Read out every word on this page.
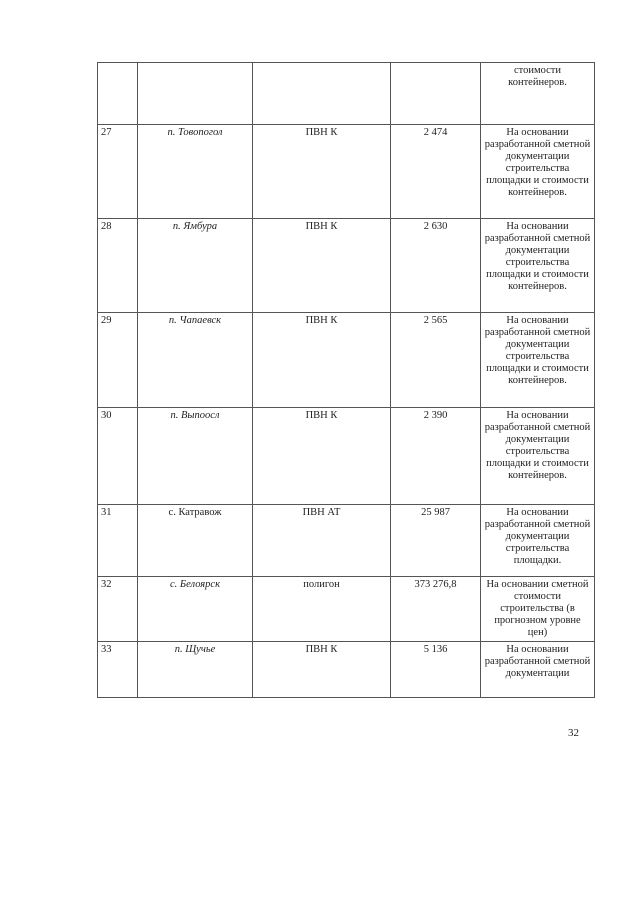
				стоимости контейнеров.
27	п. Товопогол	ПВН К	2 474	На основании разработанной сметной документации строительства площадки и стоимости контейнеров.
28	п. Ямбура	ПВН К	2 630	На основании разработанной сметной документации строительства площадки и стоимости контейнеров.
29	п. Чапаевск	ПВН К	2 565	На основании разработанной сметной документации строительства площадки и стоимости контейнеров.
30	п. Выпоосл	ПВН К	2 390	На основании разработанной сметной документации строительства площадки и стоимости контейнеров.
31	с. Катравож	ПВН АТ	25 987	На основании разработанной сметной документации строительства площадки.
32	с. Белоярск	полигон	373 276,8	На основании сметной стоимости строительства (в прогнозном уровне цен)
33	п. Щучье	ПВН К	5 136	На основании разработанной сметной документации
32
